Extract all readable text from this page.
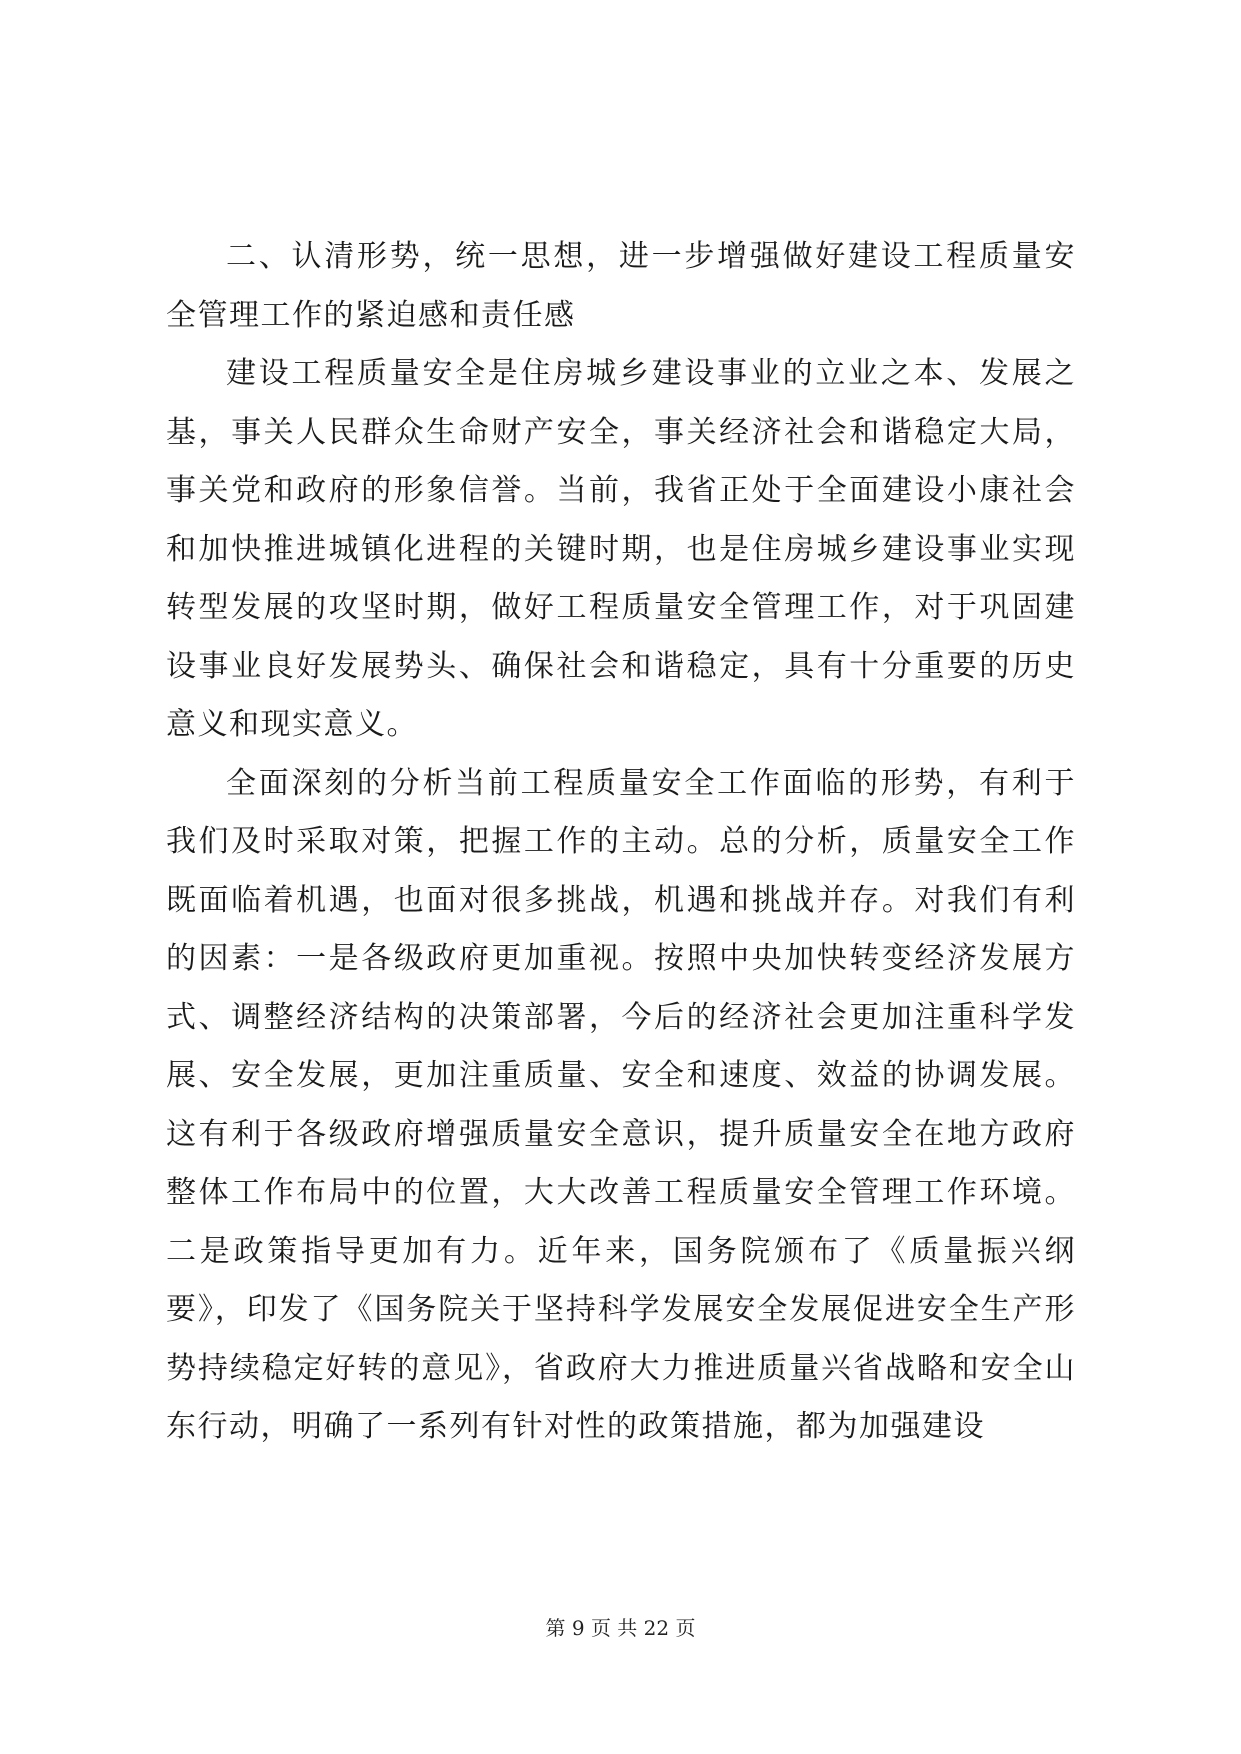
二、认清形势，统一思想，进一步增强做好建设工程质量安全管理工作的紧迫感和责任感

建设工程质量安全是住房城乡建设事业的立业之本、发展之基，事关人民群众生命财产安全，事关经济社会和谐稳定大局，事关党和政府的形象信誉。当前，我省正处于全面建设小康社会和加快推进城镇化进程的关键时期，也是住房城乡建设事业实现转型发展的攻坚时期，做好工程质量安全管理工作，对于巩固建设事业良好发展势头、确保社会和谐稳定，具有十分重要的历史意义和现实意义。

全面深刻的分析当前工程质量安全工作面临的形势，有利于我们及时采取对策，把握工作的主动。总的分析，质量安全工作既面临着机遇，也面对很多挑战，机遇和挑战并存。对我们有利的因素：一是各级政府更加重视。按照中央加快转变经济发展方式、调整经济结构的决策部署，今后的经济社会更加注重科学发展、安全发展，更加注重质量、安全和速度、效益的协调发展。这有利于各级政府增强质量安全意识，提升质量安全在地方政府整体工作布局中的位置，大大改善工程质量安全管理工作环境。二是政策指导更加有力。近年来，国务院颁布了《质量振兴纲要》，印发了《国务院关于坚持科学发展安全发展促进安全生产形势持续稳定好转的意见》，省政府大力推进质量兴省战略和安全山东行动，明确了一系列有针对性的政策措施，都为加强建设

第 9 页 共 22 页
